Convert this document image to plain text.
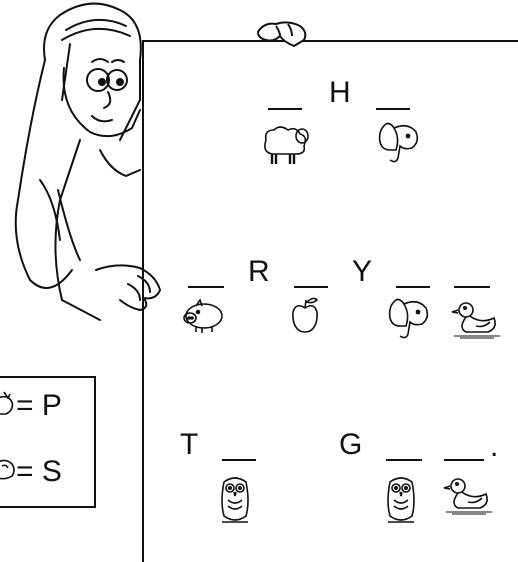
H
R	Y
T	G	.
= P
= S
